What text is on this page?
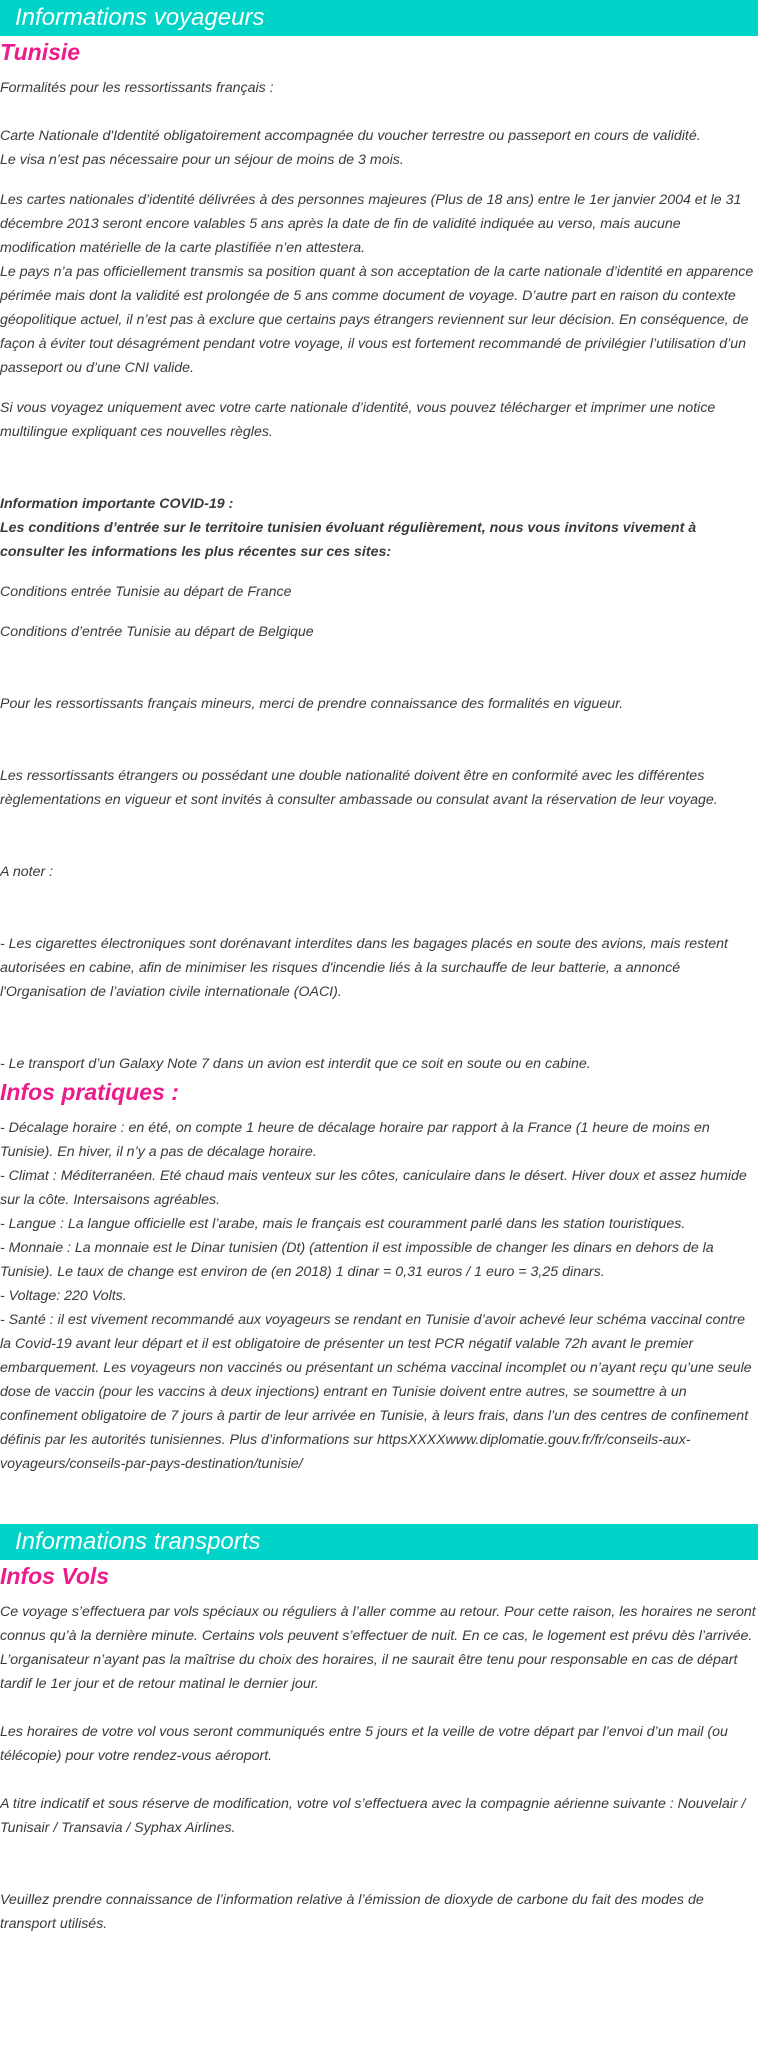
Informations voyageurs
Tunisie

Formalités pour les ressortissants français :

Carte Nationale d'Identité obligatoirement accompagnée du voucher terrestre ou passeport en cours de validité.

Le visa n’est pas nécessaire pour un séjour de moins de 3 mois.

Les cartes nationales d’identité délivrées à des personnes majeures (Plus de 18 ans) entre le 1er janvier 2004 et le 31 décembre 2013 seront encore valables 5 ans après la date de fin de validité indiquée au verso, mais aucune modification matérielle de la carte plastifiée n’en attestera.

Le pays n’a pas officiellement transmis sa position quant à son acceptation de la carte nationale d’identité en apparence périmée mais dont la validité est prolongée de 5 ans comme document de voyage. D’autre part en raison du contexte géopolitique actuel, il n’est pas à exclure que certains pays étrangers reviennent sur leur décision. En conséquence, de façon à éviter tout désagrément pendant votre voyage, il vous est fortement recommandé de privilégier l’utilisation d’un passeport ou d’une CNI valide.

Si vous voyagez uniquement avec votre carte nationale d’identité, vous pouvez télécharger et imprimer une notice multilingue expliquant ces nouvelles règles.

Information importante COVID-19 :

Les conditions d’entrée sur le territoire tunisien évoluant régulièrement, nous vous invitons vivement à consulter les informations les plus récentes sur ces sites:

Conditions entrée Tunisie au départ de France

Conditions d’entrée Tunisie au départ de Belgique

Pour les ressortissants français mineurs, merci de prendre connaissance des formalités en vigueur.

Les ressortissants étrangers ou possédant une double nationalité doivent être en conformité avec les différentes règlementations en vigueur et sont invités à consulter ambassade ou consulat avant la réservation de leur voyage.

A noter :

- Les cigarettes électroniques sont dorénavant interdites dans les bagages placés en soute des avions, mais restent autorisées en cabine, afin de minimiser les risques d'incendie liés à la surchauffe de leur batterie, a annoncé l'Organisation de l’aviation civile internationale (OACI).

- Le transport d’un Galaxy Note 7 dans un avion est interdit que ce soit en soute ou en cabine.

Infos pratiques :

- Décalage horaire : en été, on compte 1 heure de décalage horaire par rapport à la France (1 heure de moins en Tunisie). En hiver, il n’y a pas de décalage horaire.

- Climat : Méditerranéen. Eté chaud mais venteux sur les côtes, caniculaire dans le désert. Hiver doux et assez humide sur la côte. Intersaisons agréables.

- Langue : La langue officielle est l’arabe, mais le français est couramment parlé dans les station touristiques.

- Monnaie : La monnaie est le Dinar tunisien (Dt) (attention il est impossible de changer les dinars en dehors de la Tunisie). Le taux de change est environ de (en 2018) 1 dinar = 0,31 euros / 1 euro = 3,25 dinars.

- Voltage: 220 Volts.

- Santé : il est vivement recommandé aux voyageurs se rendant en Tunisie d’avoir achevé leur schéma vaccinal contre la Covid-19 avant leur départ et il est obligatoire de présenter un test PCR négatif valable 72h avant le premier embarquement. Les voyageurs non vaccinés ou présentant un schéma vaccinal incomplet ou n’ayant reçu qu’une seule dose de vaccin (pour les vaccins à deux injections) entrant en Tunisie doivent entre autres, se soumettre à un confinement obligatoire de 7 jours à partir de leur arrivée en Tunisie, à leurs frais, dans l’un des centres de confinement définis par les autorités tunisiennes. Plus d’informations sur httpsXXXXwww.diplomatie.gouv.fr/fr/conseils-aux-voyageurs/conseils-par-pays-destination/tunisie/

Informations transports
Infos Vols

Ce voyage s’effectuera par vols spéciaux ou réguliers à l’aller comme au retour. Pour cette raison, les horaires ne seront connus qu’à la dernière minute. Certains vols peuvent s’effectuer de nuit. En ce cas, le logement est prévu dès l’arrivée. L’organisateur n’ayant pas la maîtrise du choix des horaires, il ne saurait être tenu pour responsable en cas de départ tardif le 1er jour et de retour matinal le dernier jour.

Les horaires de votre vol vous seront communiqués entre 5 jours et la veille de votre départ par l’envoi d’un mail (ou télécopie) pour votre rendez-vous aéroport.

A titre indicatif et sous réserve de modification, votre vol s’effectuera avec la compagnie aérienne suivante : Nouvelair / Tunisair / Transavia / Syphax Airlines.

Veuillez prendre connaissance de l’information relative à l’émission de dioxyde de carbone du fait des modes de transport utilisés.
